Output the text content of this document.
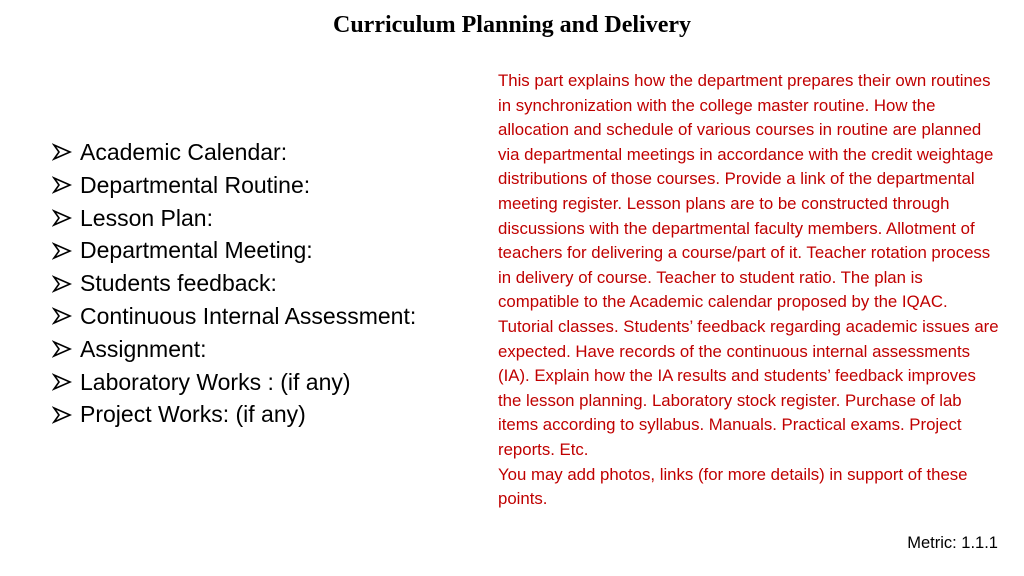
Curriculum Planning and Delivery
Academic Calendar:
Departmental Routine:
Lesson Plan:
Departmental Meeting:
Students feedback:
Continuous Internal Assessment:
Assignment:
Laboratory Works : (if any)
Project Works: (if any)

This part explains how the department prepares their own routines in synchronization with the college master routine. How the allocation and schedule of various courses in routine are planned via departmental meetings in accordance with the credit weightage distributions of those courses. Provide a link of the departmental meeting register. Lesson plans are to be constructed through discussions with the departmental faculty members. Allotment of teachers for delivering a course/part of it. Teacher rotation process in delivery of course. Teacher to student ratio. The plan is compatible to the Academic calendar proposed by the IQAC. Tutorial classes. Students’ feedback regarding academic issues are expected. Have records of the continuous internal assessments (IA). Explain how the IA results and students’ feedback improves the lesson planning. Laboratory stock register. Purchase of lab items according to syllabus. Manuals. Practical exams. Project reports. Etc.

You may add photos, links (for more details) in support of these points.

Metric: 1.1.1
